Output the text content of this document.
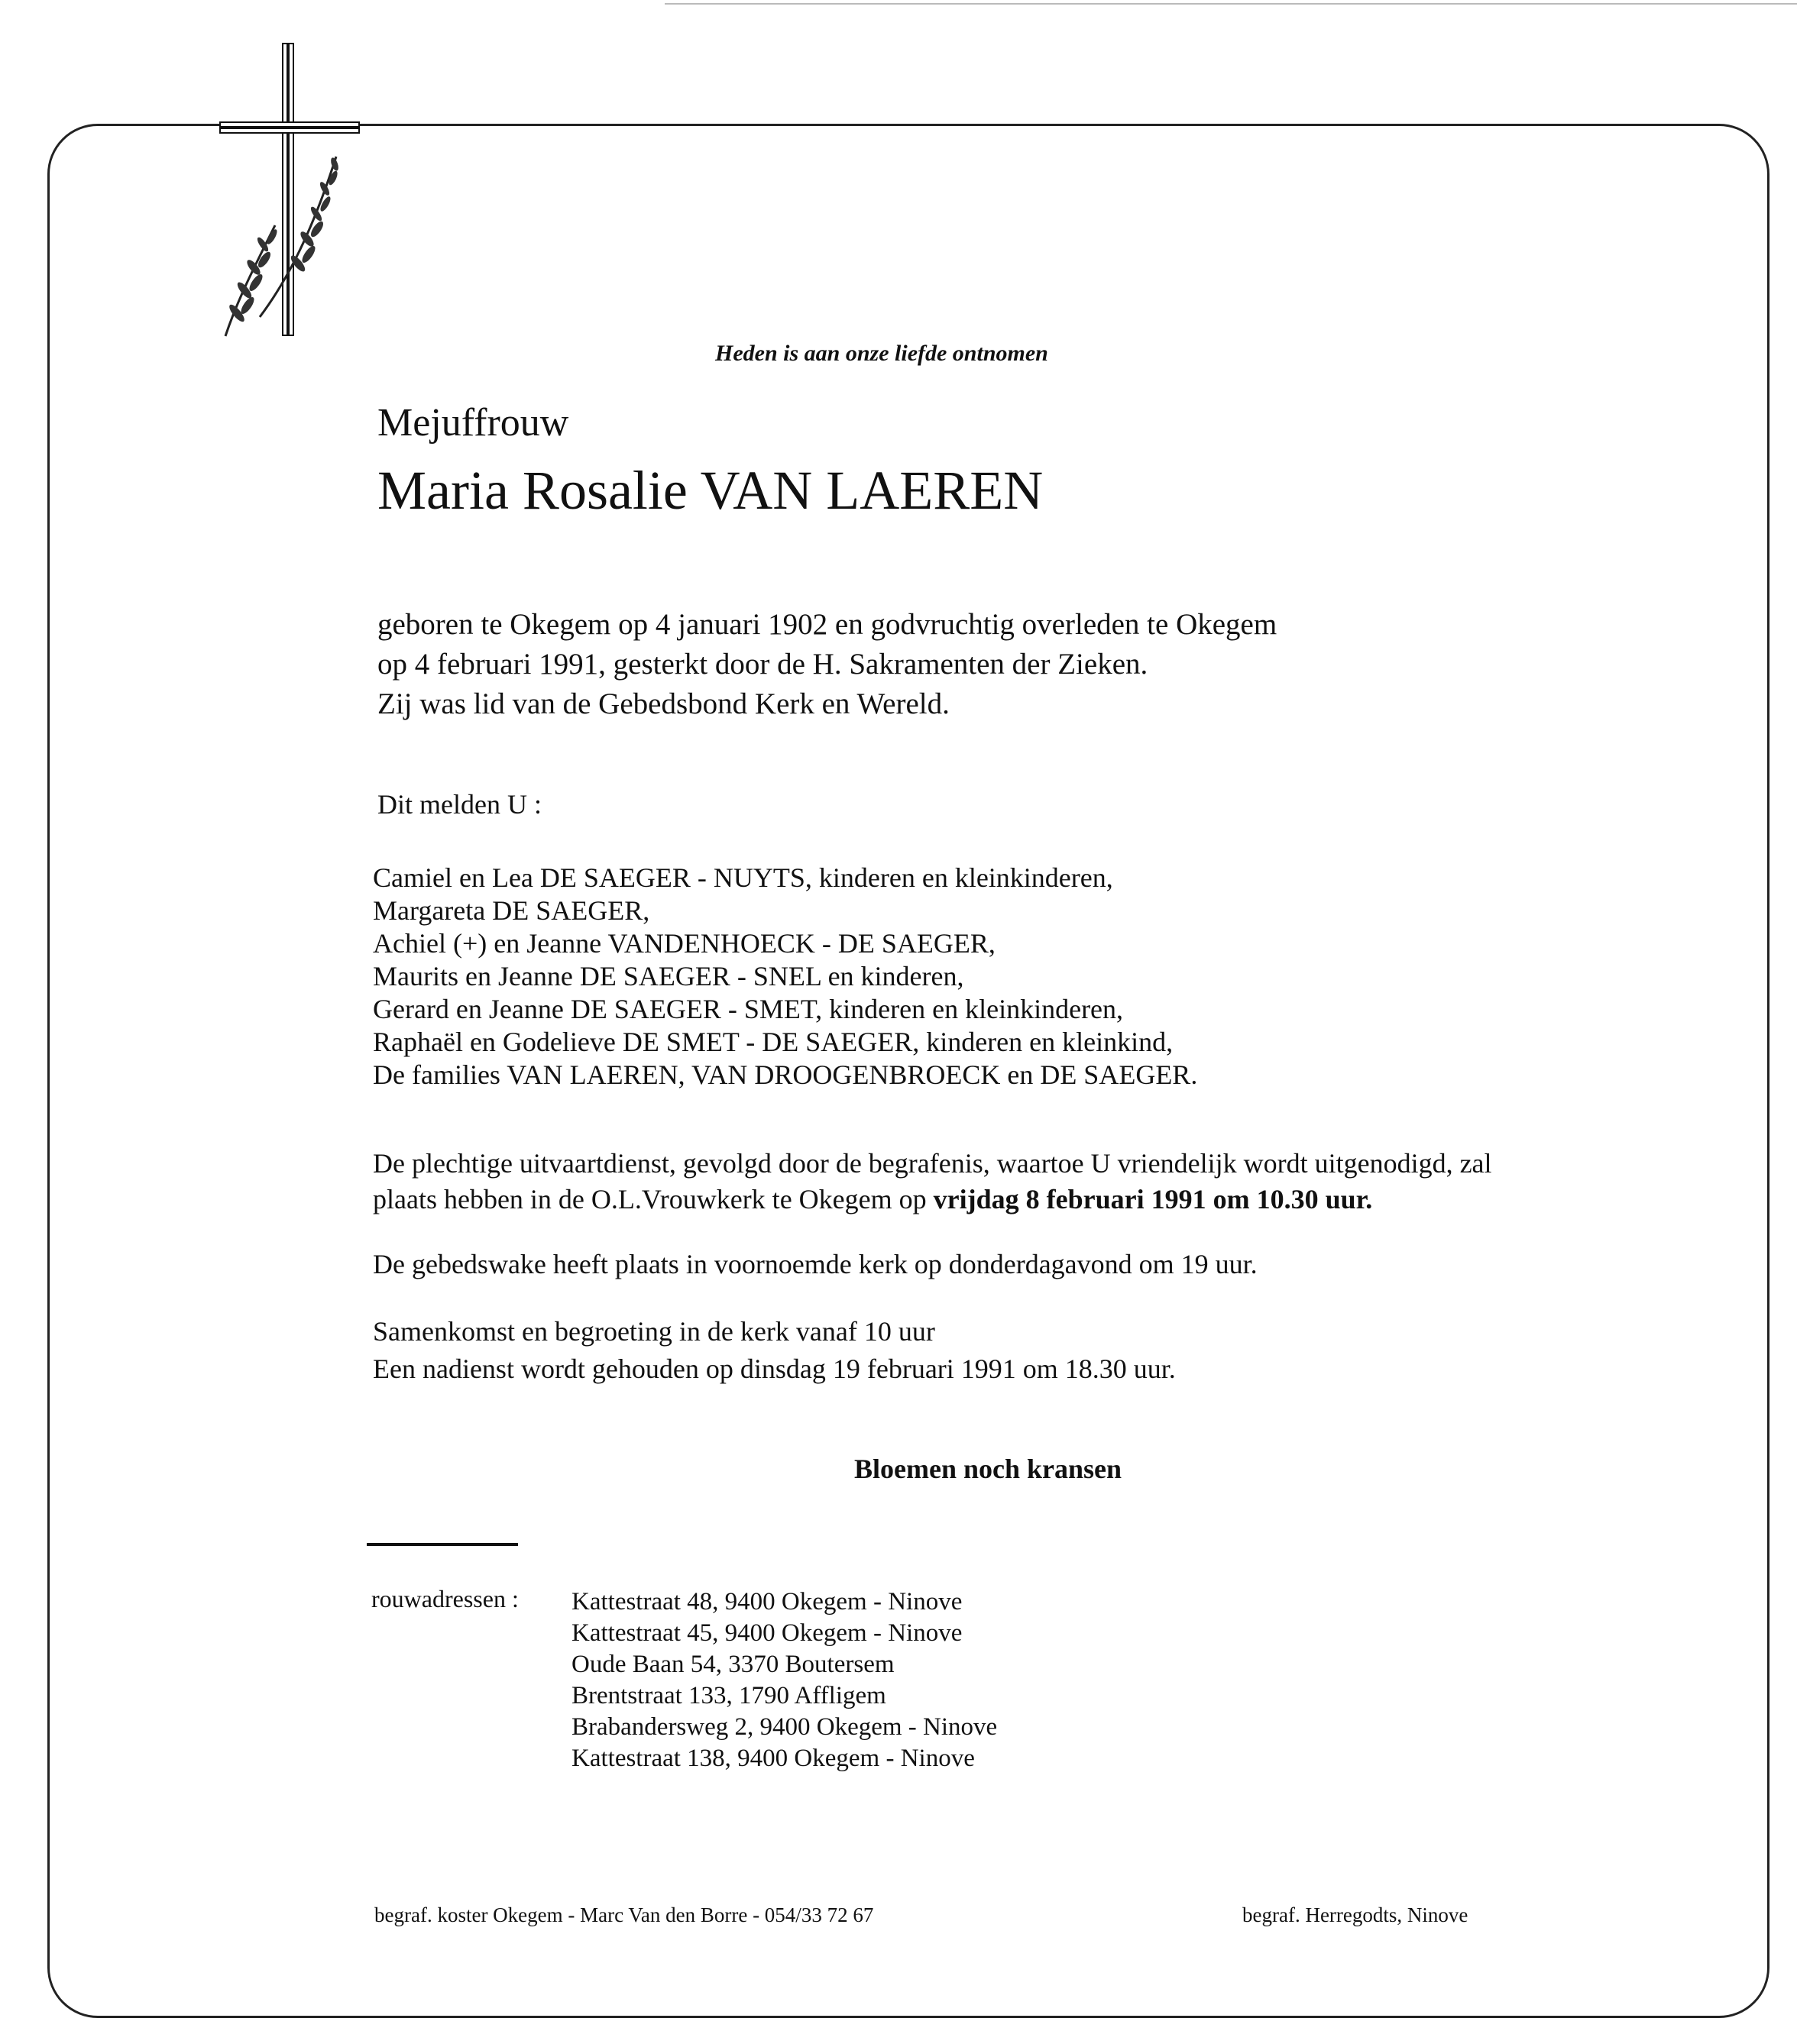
Heden is aan onze liefde ontnomen

Mejuffrouw

Maria Rosalie VAN LAEREN

geboren te Okegem op 4 januari 1902 en godvruchtig overleden te Okegem

op 4 februari 1991, gesterkt door de H. Sakramenten der Zieken.

Zij was lid van de Gebedsbond Kerk en Wereld.

Dit melden U :

Camiel en Lea DE SAEGER - NUYTS, kinderen en kleinkinderen,

Margareta DE SAEGER,

Achiel (+) en Jeanne VANDENHOECK - DE SAEGER,

Maurits en Jeanne DE SAEGER - SNEL en kinderen,

Gerard en Jeanne DE SAEGER - SMET, kinderen en kleinkinderen,

Raphaël en Godelieve DE SMET - DE SAEGER, kinderen en kleinkind,

De families VAN LAEREN, VAN DROOGENBROECK en DE SAEGER.

De plechtige uitvaartdienst, gevolgd door de begrafenis, waartoe U vriendelijk wordt uitgenodigd, zal

plaats hebben in de O.L.Vrouwkerk te Okegem op vrijdag 8 februari 1991 om 10.30 uur.

De gebedswake heeft plaats in voornoemde kerk op donderdagavond om 19 uur.

Samenkomst en begroeting in de kerk vanaf 10 uur

Een nadienst wordt gehouden op dinsdag 19 februari 1991 om 18.30 uur.

Bloemen noch kransen

rouwadressen : Kattestraat 48, 9400 Okegem - Ninove

Kattestraat 45, 9400 Okegem - Ninove

Oude Baan 54, 3370 Boutersem

Brentstraat 133, 1790 Affligem

Brabandersweg 2, 9400 Okegem - Ninove

Kattestraat 138, 9400 Okegem - Ninove

begraf. koster Okegem - Marc Van den Borre - 054/33 72 67	begraf. Herregodts, Ninove
